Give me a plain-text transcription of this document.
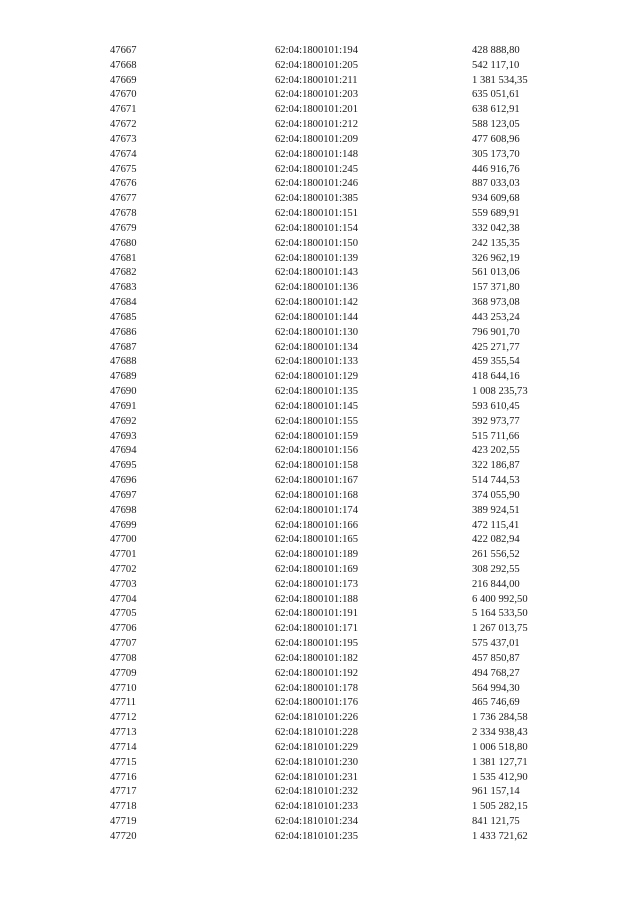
47667	62:04:1800101:194	428 888,80
47668	62:04:1800101:205	542 117,10
47669	62:04:1800101:211	1 381 534,35
47670	62:04:1800101:203	635 051,61
47671	62:04:1800101:201	638 612,91
47672	62:04:1800101:212	588 123,05
47673	62:04:1800101:209	477 608,96
47674	62:04:1800101:148	305 173,70
47675	62:04:1800101:245	446 916,76
47676	62:04:1800101:246	887 033,03
47677	62:04:1800101:385	934 609,68
47678	62:04:1800101:151	559 689,91
47679	62:04:1800101:154	332 042,38
47680	62:04:1800101:150	242 135,35
47681	62:04:1800101:139	326 962,19
47682	62:04:1800101:143	561 013,06
47683	62:04:1800101:136	157 371,80
47684	62:04:1800101:142	368 973,08
47685	62:04:1800101:144	443 253,24
47686	62:04:1800101:130	796 901,70
47687	62:04:1800101:134	425 271,77
47688	62:04:1800101:133	459 355,54
47689	62:04:1800101:129	418 644,16
47690	62:04:1800101:135	1 008 235,73
47691	62:04:1800101:145	593 610,45
47692	62:04:1800101:155	392 973,77
47693	62:04:1800101:159	515 711,66
47694	62:04:1800101:156	423 202,55
47695	62:04:1800101:158	322 186,87
47696	62:04:1800101:167	514 744,53
47697	62:04:1800101:168	374 055,90
47698	62:04:1800101:174	389 924,51
47699	62:04:1800101:166	472 115,41
47700	62:04:1800101:165	422 082,94
47701	62:04:1800101:189	261 556,52
47702	62:04:1800101:169	308 292,55
47703	62:04:1800101:173	216 844,00
47704	62:04:1800101:188	6 400 992,50
47705	62:04:1800101:191	5 164 533,50
47706	62:04:1800101:171	1 267 013,75
47707	62:04:1800101:195	575 437,01
47708	62:04:1800101:182	457 850,87
47709	62:04:1800101:192	494 768,27
47710	62:04:1800101:178	564 994,30
47711	62:04:1800101:176	465 746,69
47712	62:04:1810101:226	1 736 284,58
47713	62:04:1810101:228	2 334 938,43
47714	62:04:1810101:229	1 006 518,80
47715	62:04:1810101:230	1 381 127,71
47716	62:04:1810101:231	1 535 412,90
47717	62:04:1810101:232	961 157,14
47718	62:04:1810101:233	1 505 282,15
47719	62:04:1810101:234	841 121,75
47720	62:04:1810101:235	1 433 721,62
